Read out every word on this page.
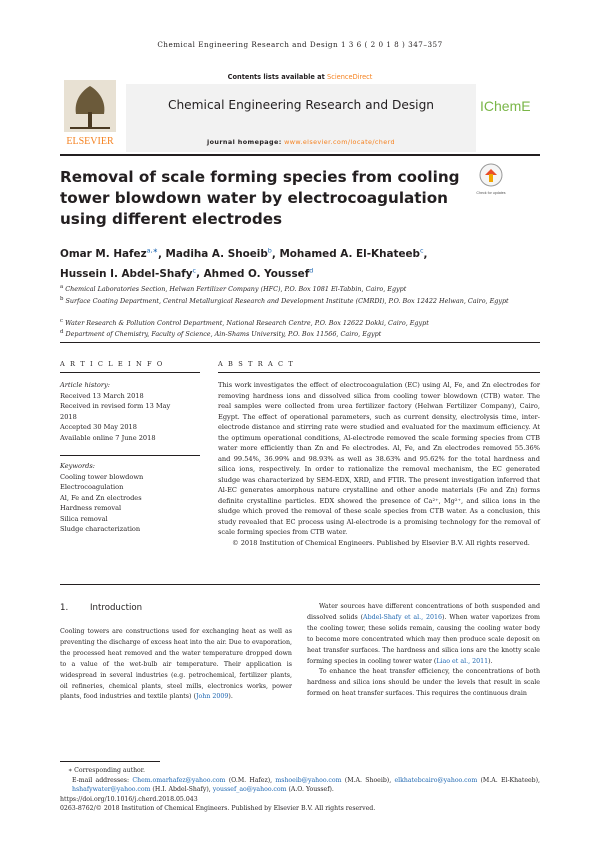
Chemical Engineering Research and Design 1 3 6 ( 2 0 1 8 ) 347–357
Contents lists available at ScienceDirect
ELSEVIER
Chemical Engineering Research and Design
journal homepage: www.elsevier.com/locate/cherd
IChemE
Removal of scale forming species from cooling tower blowdown water by electrocoagulation using different electrodes
Check for updates
Omar M. Hafez$^{a,∗}$, Madiha A. Shoeib$^b$, Mohamed A. El-Khateeb$^c$,
Hussein I. Abdel-Shafy$^c$, Ahmed O. Youssef$^d$
$^a$ Chemical Laboratories Section, Helwan Fertilizer Company (HFC), P.O. Box 1081 El-Tabbin, Cairo, Egypt
$^b$ Surface Coating Department, Central Metallurgical Research and Development Institute (CMRDI), P.O. Box 12422 Helwan, Cairo, Egypt
$^c$ Water Research & Pollution Control Department, National Research Centre, P.O. Box 12622 Dokki, Cairo, Egypt
$^d$ Department of Chemistry, Faculty of Science, Ain-Shams University, P.O. Box 11566, Cairo, Egypt
A R T I C L E I N F O
Article history:
Received 13 March 2018
Received in revised form 13 May 2018
Accepted 30 May 2018
Available online 7 June 2018
Keywords:
Cooling tower blowdown
Electrocoagulation
Al, Fe and Zn electrodes
Hardness removal
Silica removal
Sludge characterization
A B S T R A C T

This work investigates the effect of electrocoagulation (EC) using Al, Fe, and Zn electrodes for removing hardness ions and dissolved silica from cooling tower blowdown (CTB) water. The real samples were collected from urea fertilizer factory (Helwan Fertilizer Company), Cairo, Egypt. The effect of operational parameters, such as current density, electrolysis time, inter-electrode distance and stirring rate were studied and evaluated for the maximum efficiency. At the optimum operational conditions, Al-electrode removed the scale forming species from CTB water more efficiently than Zn and Fe electrodes. Al, Fe, and Zn electrodes removed 55.36% and 99.54%, 36.99% and 98.93% as well as 38.63% and 95.62% for the total hardness and silica ions, respectively. In order to rationalize the removal mechanism, the EC generated sludge was characterized by SEM-EDX, XRD, and FTIR. The present investigation inferred that Al-EC generates amorphous nature crystalline and other anode materials (Fe and Zn) forms definite crystalline particles. EDX showed the presence of Ca²⁺, Mg²⁺, and silica ions in the sludge which proved the removal of these scale species from CTB water. As a conclusion, this study revealed that EC process using Al-electrode is a promising technology for the removal of scale forming species from CTB water.

© 2018 Institution of Chemical Engineers. Published by Elsevier B.V. All rights reserved.

1.	Introduction

Cooling towers are constructions used for exchanging heat as well as preventing the discharge of excess heat into the air. Due to evaporation, the processed heat removed and the water temperature dropped down to a value of the wet-bulb air temperature. Their application is widespread in several industries (e.g. petrochemical, fertilizer plants, oil refineries, chemical plants, steel mills, electronics works, power plants, food industries and textile plants) (John 2009).

Water sources have different concentrations of both suspended and dissolved solids (Abdel-Shafy et al., 2016). When water vaporizes from the cooling tower, these solids remain, causing the cooling water body to become more concentrated which may then produce scale deposit on heat transfer surfaces. The hardness and silica ions are the knotty scale forming species in cooling tower water (Liao et al., 2011).

To enhance the heat transfer efficiency, the concentrations of both hardness and silica ions should be under the levels that result in scale formed on heat transfer surfaces. This requires the continuous drain

∗ Corresponding author.

E-mail addresses: Chem.omarhafez@yahoo.com (O.M. Hafez), mshoeib@yahoo.com (M.A. Shoeib), elkhatebcairo@yahoo.com (M.A. El-Khateeb), hshafywater@yahoo.com (H.I. Abdel-Shafy), youssef_ao@yahoo.com (A.O. Youssef).

https://doi.org/10.1016/j.cherd.2018.05.043

0263-8762/© 2018 Institution of Chemical Engineers. Published by Elsevier B.V. All rights reserved.
